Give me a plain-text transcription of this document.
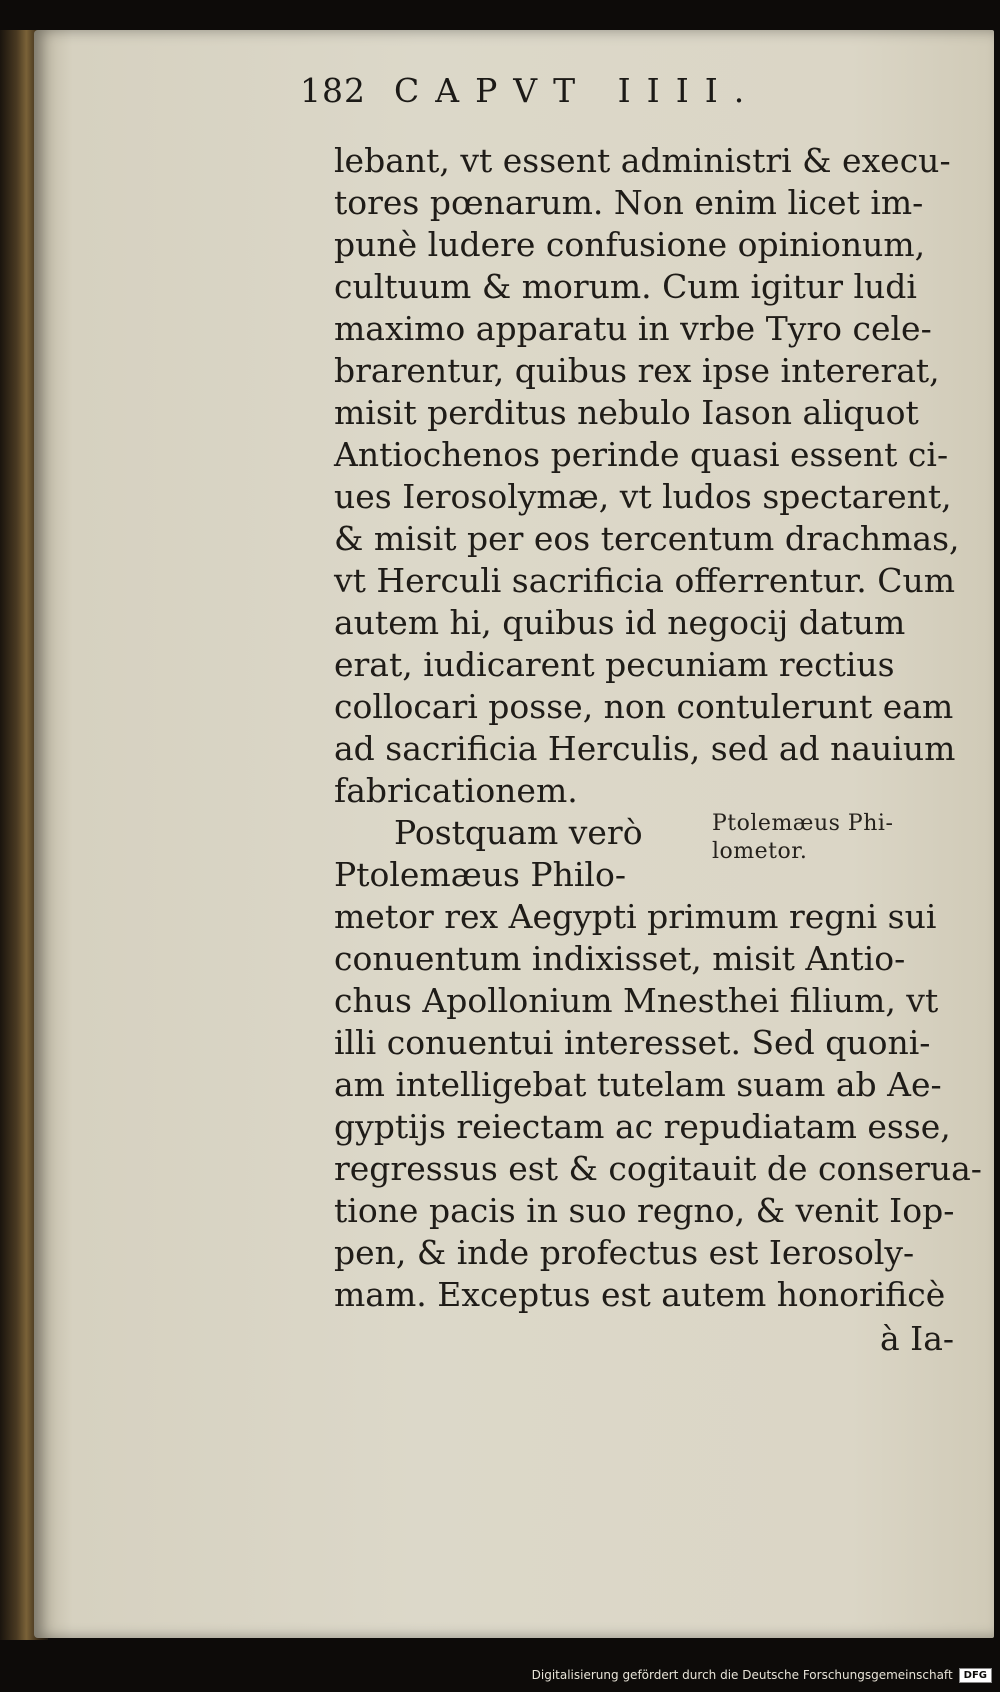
182 CAPVT IIII.
lebant, vt essent administri & execu-
tores pœnarum. Non enim licet im-
punè ludere confusione opinionum,
cultuum & morum. Cum igitur ludi
maximo apparatu in vrbe Tyro cele-
brarentur, quibus rex ipse intererat,
misit perditus nebulo Iason aliquot
Antiochenos perinde quasi essent ci-
ues Ierosolymæ, vt ludos spectarent,
& misit per eos tercentum drachmas,
vt Herculi sacrificia offerrentur. Cum
autem hi, quibus id negocij datum
erat, iudicarent pecuniam rectius
collocari posse, non contulerunt eam
ad sacrificia Herculis, sed ad nauium
fabricationem.
Postquam verò
Ptolemæus Philo-
metor rex Aegypti primum regni sui
conuentum indixisset, misit Antio-
chus Apollonium Mnesthei filium, vt
illi conuentui interesset. Sed quoni-
am intelligebat tutelam suam ab Ae-
gyptijs reiectam ac repudiatam esse,
regressus est & cogitauit de conserua-
tione pacis in suo regno, & venit Iop-
pen, & inde profectus est Ierosoly-
mam. Exceptus est autem honorificè
Ptolemæus Phi-
lometor.
à Ia-
Digitalisierung gefördert durch die Deutsche Forschungsgemeinschaft	DFG
